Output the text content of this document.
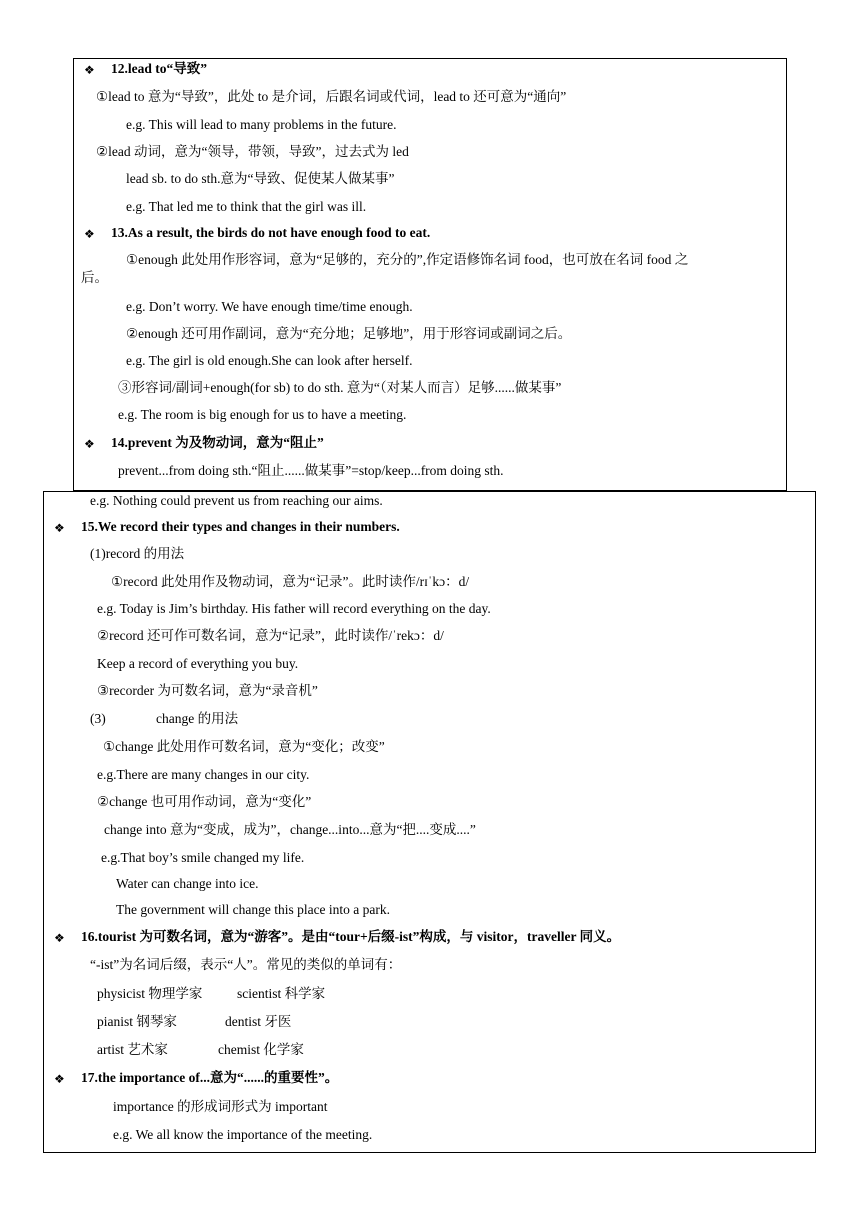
❖ 12.lead to“导致”
①lead to 意为“导致”，此处 to 是介词，后跟名词或代词，lead to 还可意为“通向”
e.g. This will lead to many problems in the future.
②lead 动词，意为“领导，带领，导致”，过去式为 led
lead sb. to do sth.意为“导致、促使某人做某事”
e.g. That led me to think that the girl was ill.
❖ 13.As a result, the birds do not have enough food to eat.
①enough 此处用作形容词，意为“足够的，充分的”,作定语修饰名词 food，也可放在名词 food 之
后。
e.g. Don’t worry. We have enough time/time enough.
②enough 还可用作副词，意为“充分地；足够地”，用于形容词或副词之后。
e.g. The girl is old enough.She can look after herself.
③形容词/副词+enough(for sb) to do sth. 意为“（对某人而言）足够......做某事”
e.g. The room is big enough for us to have a meeting.
❖ 14.prevent 为及物动词，意为“阻止”
prevent...from doing sth.“阻止......做某事”=stop/keep...from doing sth.
e.g. Nothing could prevent us from reaching our aims.
❖ 15.We record their types and changes in their numbers.
(1)record 的用法
①record 此处用作及物动词，意为“记录”。此时读作/rɪˈkɔ：d/
e.g. Today is Jim’s birthday. His father will record everything on the day.
②record 还可作可数名词，意为“记录”，此时读作/ˈrekɔ：d/
Keep a record of everything you buy.
③recorder 为可数名词，意为“录音机”
(3)	change 的用法
①change 此处用作可数名词，意为“变化；改变”
e.g.There are many changes in our city.
②change 也可用作动词，意为“变化”
change into 意为“变成，成为”，change...into...意为“把....变成....”
e.g.That boy’s smile changed my life.
Water can change into ice.
The government will change this place into a park.
❖ 16.tourist 为可数名词，意为“游客”。是由“tour+后缀-ist”构成，与 visitor，traveller 同义。
“-ist”为名词后缀，表示“人”。常见的类似的单词有：
physicist 物理学家	scientist 科学家
pianist 钢琴家	dentist 牙医
artist 艺术家	chemist 化学家
❖ 17.the importance of...意为“......的重要性”。
importance 的形成词形式为 important
e.g. We all know the importance of the meeting.
